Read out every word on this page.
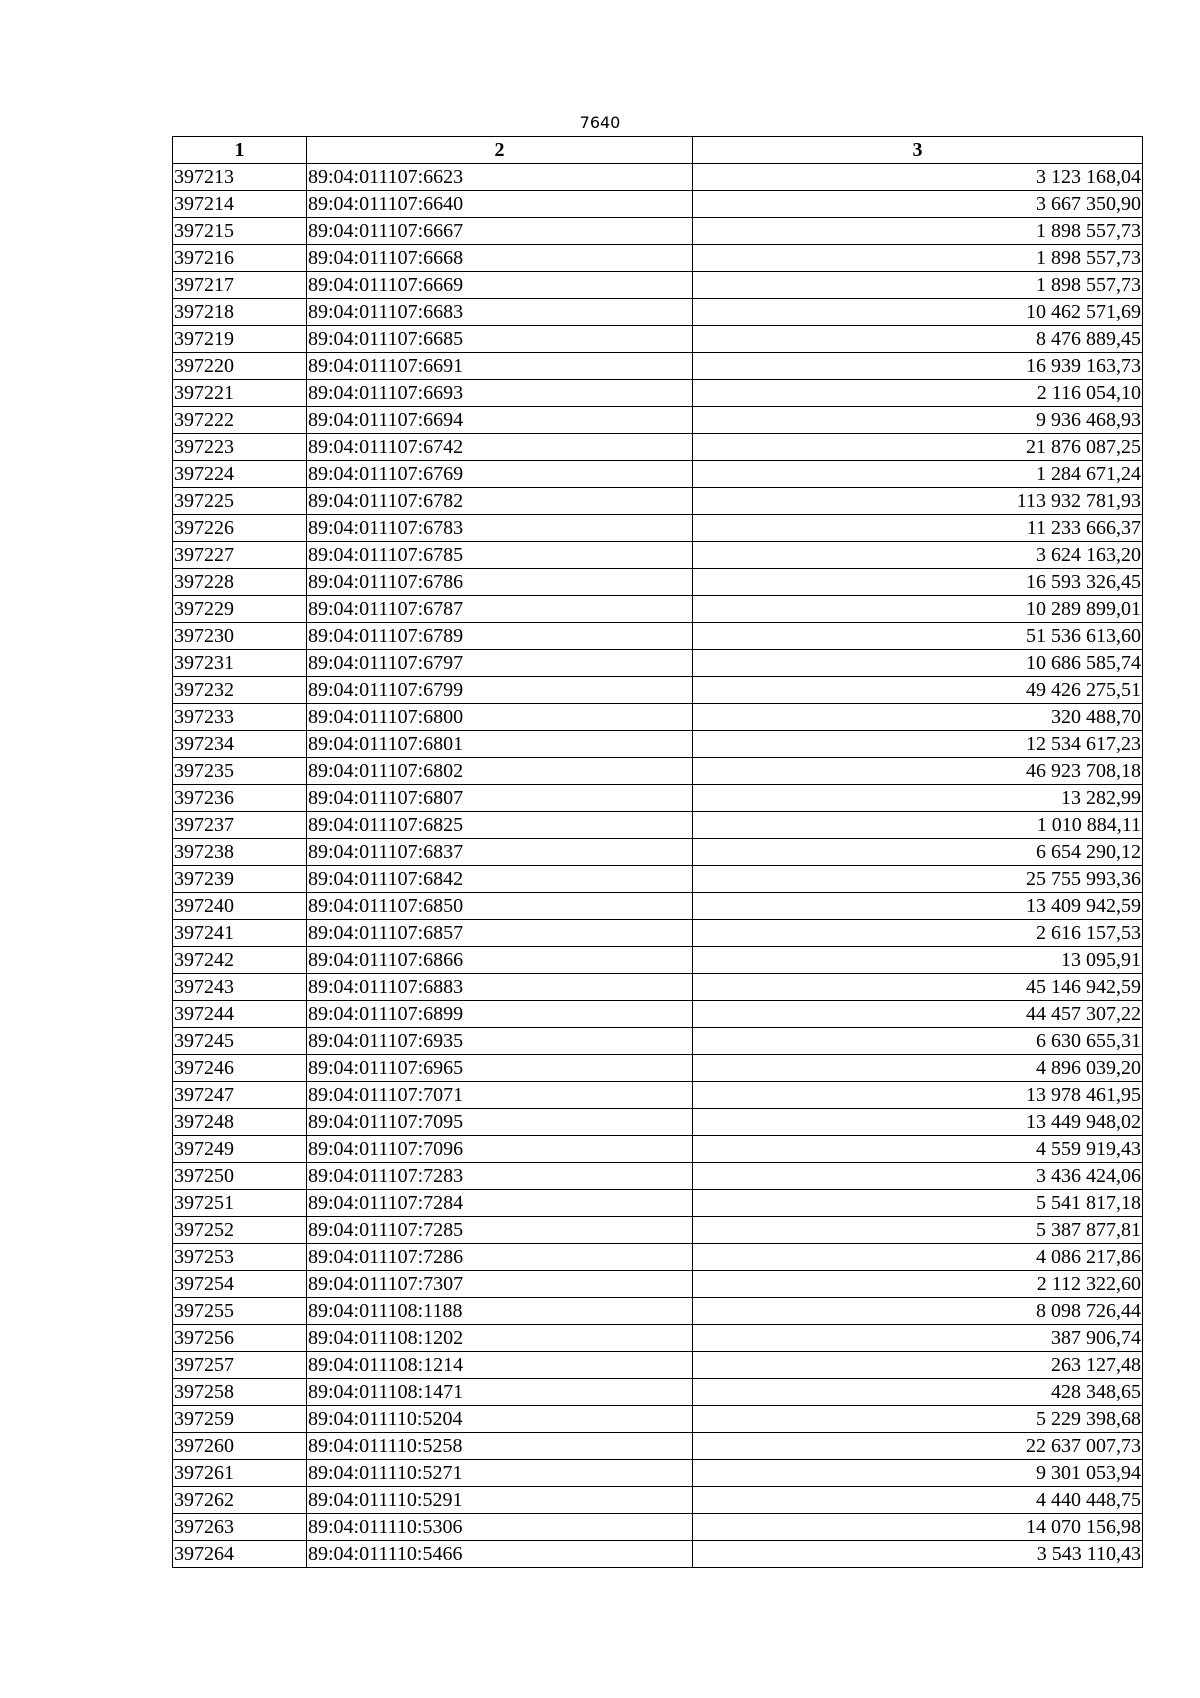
7640
1	2	3
397213	89:04:011107:6623	3 123 168,04
397214	89:04:011107:6640	3 667 350,90
397215	89:04:011107:6667	1 898 557,73
397216	89:04:011107:6668	1 898 557,73
397217	89:04:011107:6669	1 898 557,73
397218	89:04:011107:6683	10 462 571,69
397219	89:04:011107:6685	8 476 889,45
397220	89:04:011107:6691	16 939 163,73
397221	89:04:011107:6693	2 116 054,10
397222	89:04:011107:6694	9 936 468,93
397223	89:04:011107:6742	21 876 087,25
397224	89:04:011107:6769	1 284 671,24
397225	89:04:011107:6782	113 932 781,93
397226	89:04:011107:6783	11 233 666,37
397227	89:04:011107:6785	3 624 163,20
397228	89:04:011107:6786	16 593 326,45
397229	89:04:011107:6787	10 289 899,01
397230	89:04:011107:6789	51 536 613,60
397231	89:04:011107:6797	10 686 585,74
397232	89:04:011107:6799	49 426 275,51
397233	89:04:011107:6800	320 488,70
397234	89:04:011107:6801	12 534 617,23
397235	89:04:011107:6802	46 923 708,18
397236	89:04:011107:6807	13 282,99
397237	89:04:011107:6825	1 010 884,11
397238	89:04:011107:6837	6 654 290,12
397239	89:04:011107:6842	25 755 993,36
397240	89:04:011107:6850	13 409 942,59
397241	89:04:011107:6857	2 616 157,53
397242	89:04:011107:6866	13 095,91
397243	89:04:011107:6883	45 146 942,59
397244	89:04:011107:6899	44 457 307,22
397245	89:04:011107:6935	6 630 655,31
397246	89:04:011107:6965	4 896 039,20
397247	89:04:011107:7071	13 978 461,95
397248	89:04:011107:7095	13 449 948,02
397249	89:04:011107:7096	4 559 919,43
397250	89:04:011107:7283	3 436 424,06
397251	89:04:011107:7284	5 541 817,18
397252	89:04:011107:7285	5 387 877,81
397253	89:04:011107:7286	4 086 217,86
397254	89:04:011107:7307	2 112 322,60
397255	89:04:011108:1188	8 098 726,44
397256	89:04:011108:1202	387 906,74
397257	89:04:011108:1214	263 127,48
397258	89:04:011108:1471	428 348,65
397259	89:04:011110:5204	5 229 398,68
397260	89:04:011110:5258	22 637 007,73
397261	89:04:011110:5271	9 301 053,94
397262	89:04:011110:5291	4 440 448,75
397263	89:04:011110:5306	14 070 156,98
397264	89:04:011110:5466	3 543 110,43
